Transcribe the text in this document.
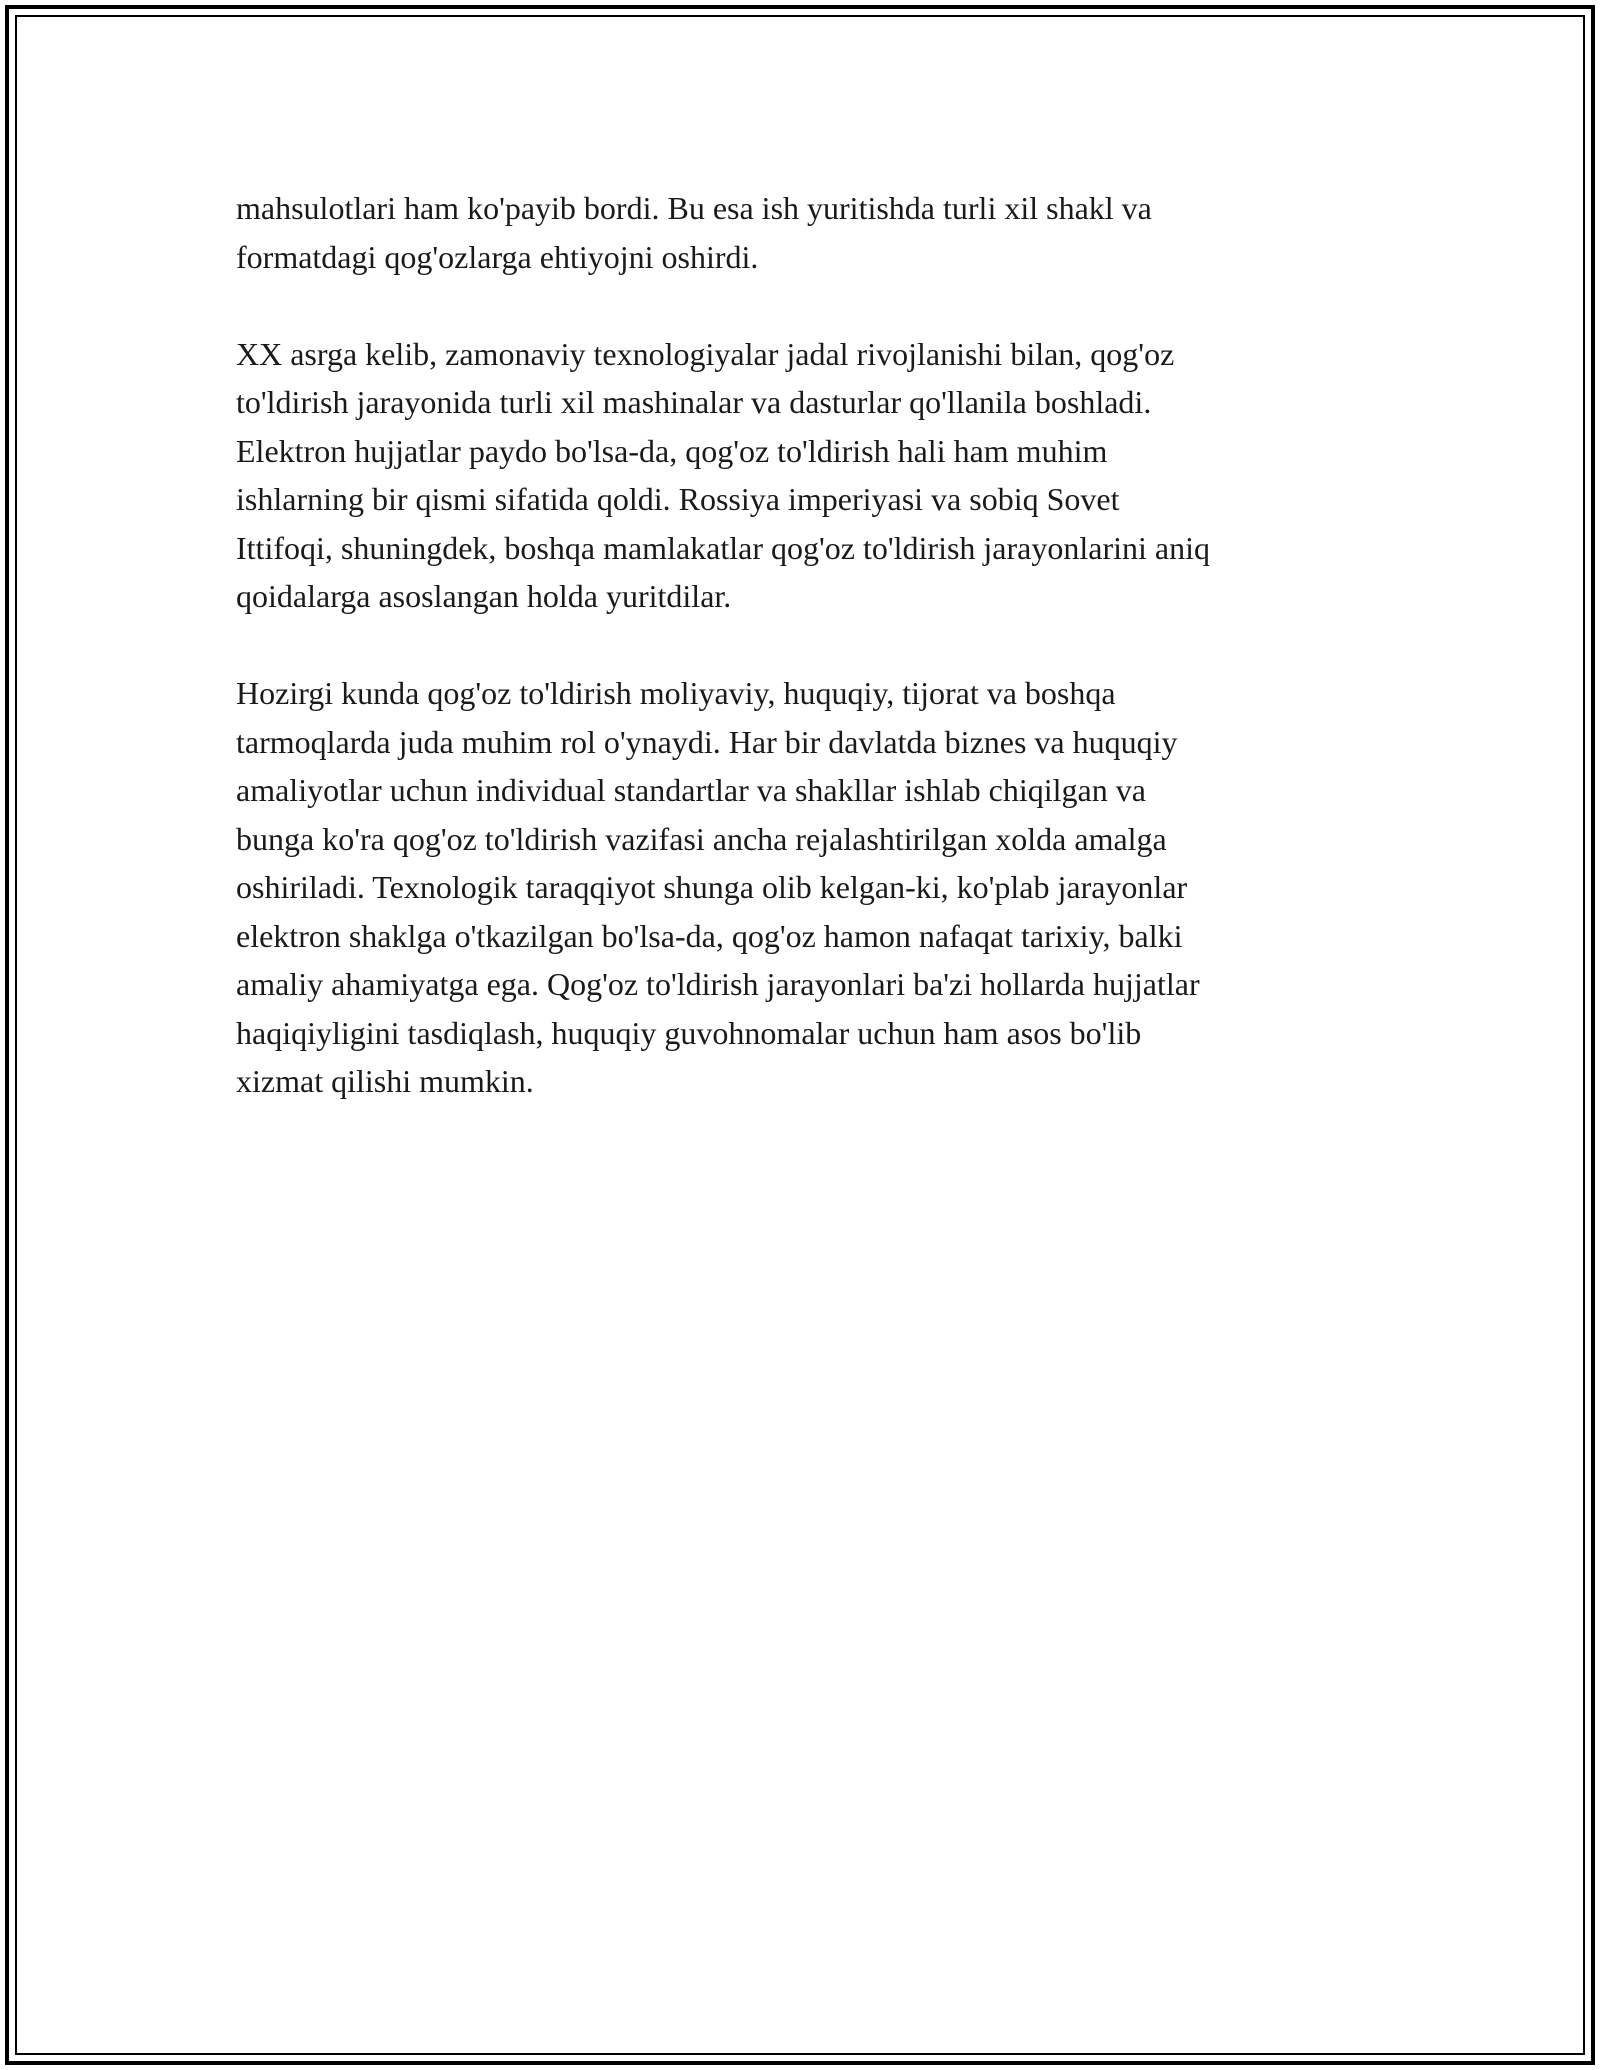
mahsulotlari ham ko'payib bordi. Bu esa ish yuritishda turli xil shakl va
formatdagi qog'ozlarga ehtiyojni oshirdi.

XX asrga kelib, zamonaviy texnologiyalar jadal rivojlanishi bilan, qog'oz
to'ldirish jarayonida turli xil mashinalar va dasturlar qo'llanila boshladi.
Elektron hujjatlar paydo bo'lsa-da, qog'oz to'ldirish hali ham muhim
ishlarning bir qismi sifatida qoldi. Rossiya imperiyasi va sobiq Sovet
Ittifoqi, shuningdek, boshqa mamlakatlar qog'oz to'ldirish jarayonlarini aniq
qoidalarga asoslangan holda yuritdilar.

Hozirgi kunda qog'oz to'ldirish moliyaviy, huquqiy, tijorat va boshqa
tarmoqlarda juda muhim rol o'ynaydi. Har bir davlatda biznes va huquqiy
amaliyotlar uchun individual standartlar va shakllar ishlab chiqilgan va
bunga ko'ra qog'oz to'ldirish vazifasi ancha rejalashtirilgan xolda amalga
oshiriladi. Texnologik taraqqiyot shunga olib kelgan-ki, ko'plab jarayonlar
elektron shaklga o'tkazilgan bo'lsa-da, qog'oz hamon nafaqat tarixiy, balki
amaliy ahamiyatga ega. Qog'oz to'ldirish jarayonlari ba'zi hollarda hujjatlar
haqiqiyligini tasdiqlash, huquqiy guvohnomalar uchun ham asos bo'lib
xizmat qilishi mumkin.
